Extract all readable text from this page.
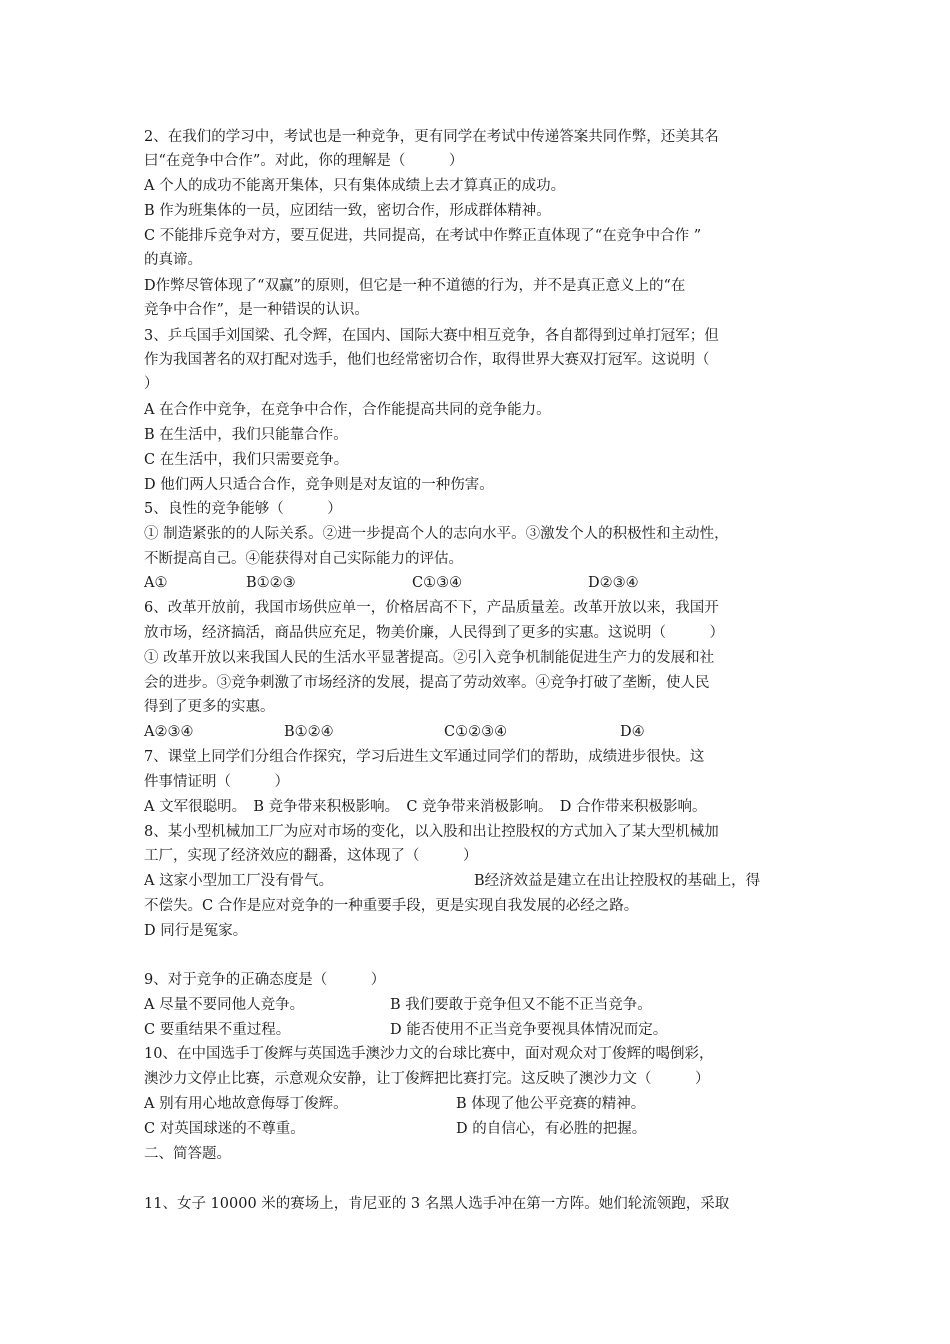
2、在我们的学习中，考试也是一种竞争，更有同学在考试中传递答案共同作弊，还美其名
曰“在竞争中合作”。对此，你的理解是（　　　）
A 个人的成功不能离开集体，只有集体成绩上去才算真正的成功。
B 作为班集体的一员，应团结一致，密切合作，形成群体精神。
C 不能排斥竞争对方，要互促进，共同提高，在考试中作弊正直体现了“在竞争中合作 ”
的真谛。
D作弊尽管体现了“双赢”的原则，但它是一种不道德的行为，并不是真正意义上的“在
竞争中合作”，是一种错误的认识。
3、乒乓国手刘国梁、孔令辉，在国内、国际大赛中相互竞争，各自都得到过单打冠军；但
作为我国著名的双打配对选手，他们也经常密切合作，取得世界大赛双打冠军。这说明（
）
A 在合作中竞争，在竞争中合作，合作能提高共同的竞争能力。
B 在生活中，我们只能靠合作。
C 在生活中，我们只需要竞争。
D 他们两人只适合合作，竞争则是对友谊的一种伤害。
5、良性的竞争能够（　　　）
① 制造紧张的的人际关系。②进一步提高个人的志向水平。③激发个人的积极性和主动性，
不断提高自己。④能获得对自己实际能力的评估。
A①	B①②③	C①③④	D②③④
6、改革开放前，我国市场供应单一，价格居高不下，产品质量差。改革开放以来，我国开
放市场，经济搞活，商品供应充足，物美价廉，人民得到了更多的实惠。这说明（　　　）
① 改革开放以来我国人民的生活水平显著提高。②引入竞争机制能促进生产力的发展和社
会的进步。③竞争刺激了市场经济的发展，提高了劳动效率。④竞争打破了垄断，使人民
得到了更多的实惠。
A②③④	B①②④	C①②③④	D④
7、课堂上同学们分组合作探究，学习后进生文军通过同学们的帮助，成绩进步很快。这
件事情证明（　　　）
A 文军很聪明。　B 竞争带来积极影响。　C 竞争带来消极影响。　D 合作带来积极影响。
8、某小型机械加工厂为应对市场的变化，以入股和出让控股权的方式加入了某大型机械加
工厂，实现了经济效应的翻番，这体现了（　　　）
A 这家小型加工厂没有骨气。	B经济效益是建立在出让控股权的基础上，得
不偿失。C 合作是应对竞争的一种重要手段，更是实现自我发展的必经之路。
D 同行是冤家。
9、对于竞争的正确态度是（　　　）
A 尽量不要同他人竞争。	B 我们要敢于竞争但又不能不正当竞争。
C 要重结果不重过程。	D 能否使用不正当竞争要视具体情况而定。
10、在中国选手丁俊辉与英国选手澳沙力文的台球比赛中，面对观众对丁俊辉的喝倒彩，
澳沙力文停止比赛，示意观众安静，让丁俊辉把比赛打完。这反映了澳沙力文（　　　）
A 别有用心地故意侮辱丁俊辉。	B 体现了他公平竞赛的精神。
C 对英国球迷的不尊重。	D 的自信心，有必胜的把握。
二、简答题。
11、女子 10000 米的赛场上，肯尼亚的 3 名黑人选手冲在第一方阵。她们轮流领跑，采取
